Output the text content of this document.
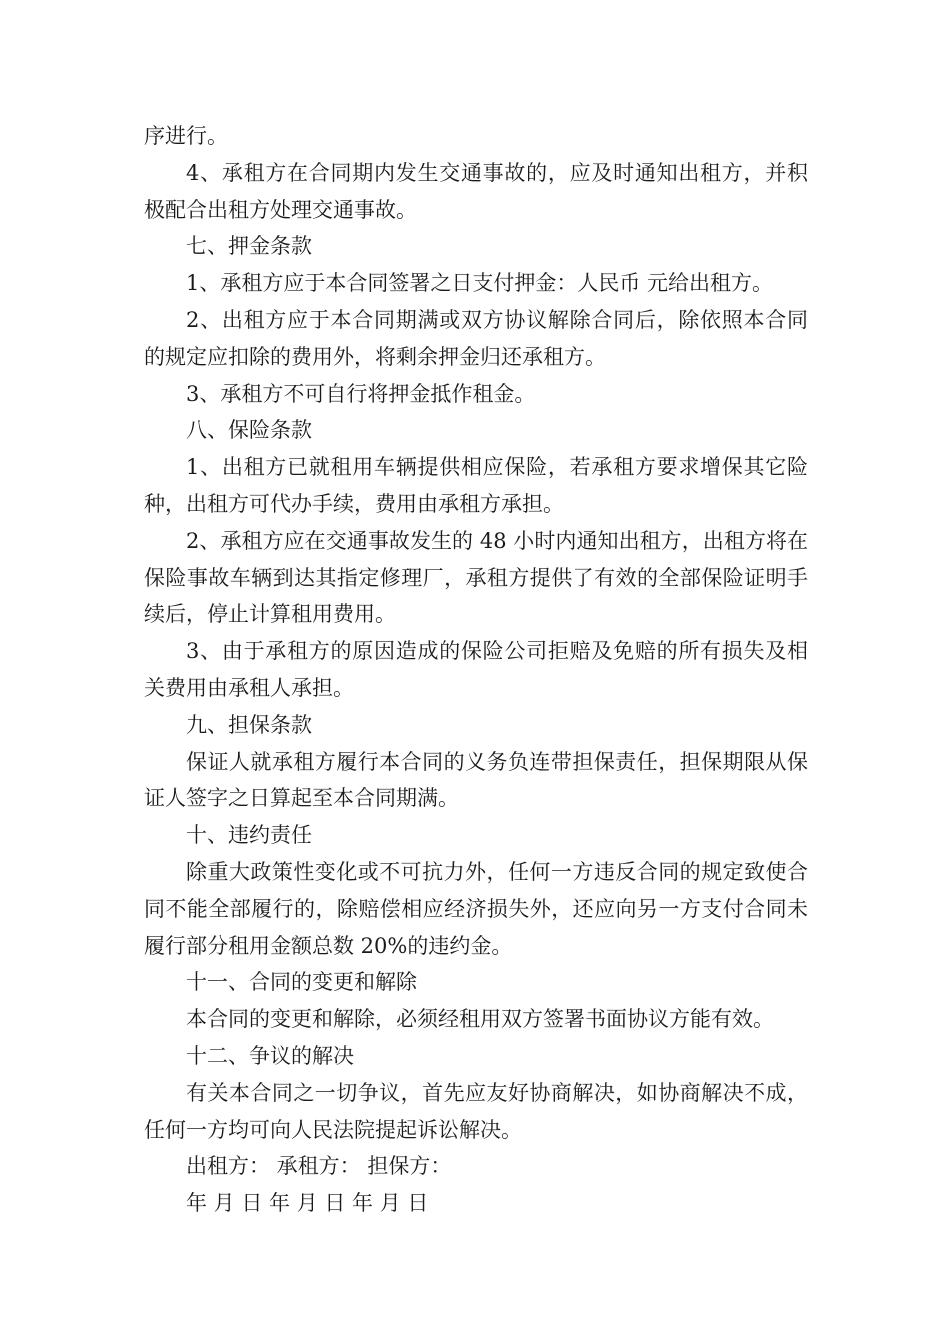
序进行。

4、承租方在合同期内发生交通事故的，应及时通知出租方，并积极配合出租方处理交通事故。

七、押金条款

1、承租方应于本合同签署之日支付押金：人民币 元给出租方。

2、出租方应于本合同期满或双方协议解除合同后，除依照本合同的规定应扣除的费用外，将剩余押金归还承租方。

3、承租方不可自行将押金抵作租金。

八、保险条款

1、出租方已就租用车辆提供相应保险，若承租方要求增保其它险种，出租方可代办手续，费用由承租方承担。

2、承租方应在交通事故发生的 48 小时内通知出租方，出租方将在保险事故车辆到达其指定修理厂，承租方提供了有效的全部保险证明手续后，停止计算租用费用。

3、由于承租方的原因造成的保险公司拒赔及免赔的所有损失及相关费用由承租人承担。

九、担保条款

保证人就承租方履行本合同的义务负连带担保责任，担保期限从保证人签字之日算起至本合同期满。

十、违约责任

除重大政策性变化或不可抗力外，任何一方违反合同的规定致使合同不能全部履行的，除赔偿相应经济损失外，还应向另一方支付合同未履行部分租用金额总数 20%的违约金。

十一、合同的变更和解除

本合同的变更和解除，必须经租用双方签署书面协议方能有效。

十二、争议的解决

有关本合同之一切争议，首先应友好协商解决，如协商解决不成，任何一方均可向人民法院提起诉讼解决。

出租方： 承租方： 担保方：

年 月 日 年 月 日 年 月 日
